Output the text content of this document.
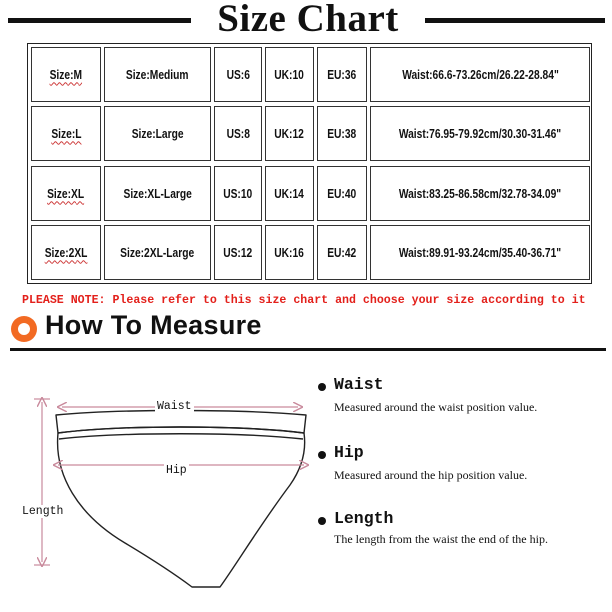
Size Chart
Size:M	Size:Medium	US:6 UK:10 EU:36	Waist:66.6-73.26cm/26.22-28.84"
Size:L	Size:Large	US:8 UK:12 EU:38	Waist:76.95-79.92cm/30.30-31.46"
Size:XL	Size:XL-Large	US:10 UK:14 EU:40	Waist:83.25-86.58cm/32.78-34.09"
Size:2XL	Size:2XL-Large US:12 UK:16 EU:42	Waist:89.91-93.24cm/35.40-36.71"
PLEASE NOTE: Please refer to this size chart and choose your size according to it
How To Measure
Waist
Hip
Length
Waist
Measured around the waist position value.
Hip
Measured around the hip position value.
Length
The length from the waist the end of the hip.
